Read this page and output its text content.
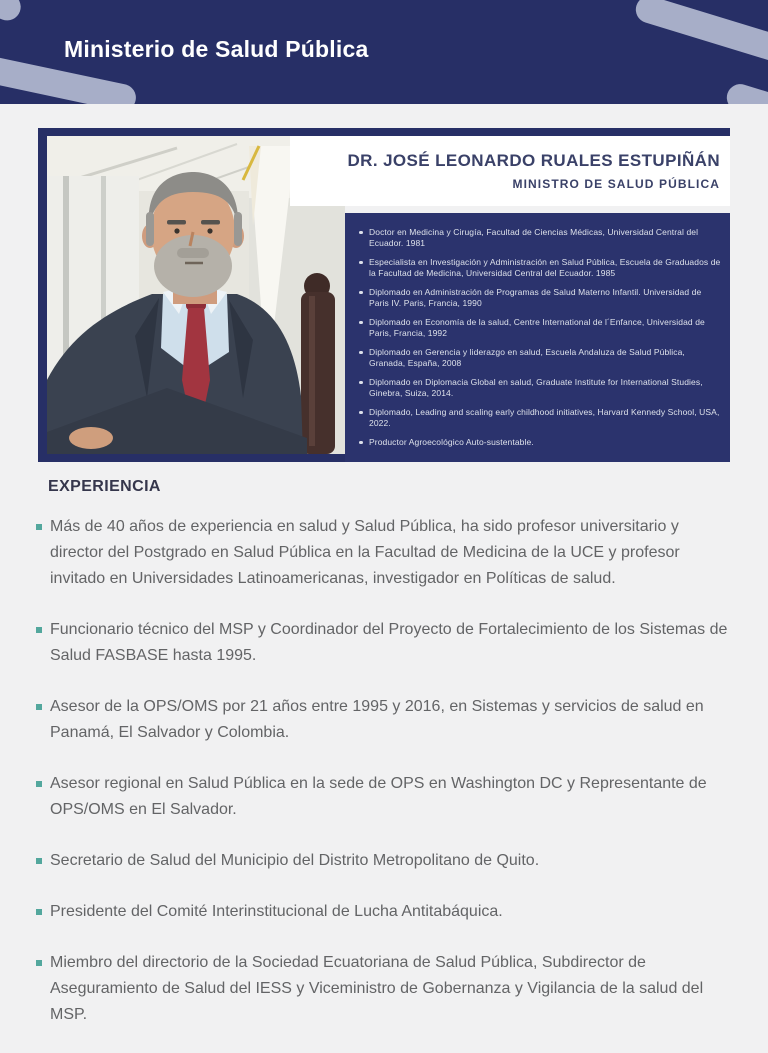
Ministerio de Salud Pública
DR. JOSÉ LEONARDO RUALES ESTUPIÑÁN
MINISTRO DE SALUD PÚBLICA
Doctor en Medicina y Cirugía, Facultad de Ciencias Médicas, Universidad Central del Ecuador. 1981
Especialista en Investigación y Administración en Salud Pública, Escuela de Graduados de la Facultad de Medicina, Universidad Central del Ecuador. 1985
Diplomado en Administración de Programas de Salud Materno Infantil. Universidad de Paris IV. Paris, Francia, 1990
Diplomado en Economía de la salud, Centre International de l´Enfance, Universidad de Paris, Francia, 1992
Diplomado en Gerencia y liderazgo en salud, Escuela Andaluza de Salud Pública, Granada, España, 2008
Diplomado en Diplomacia Global en salud, Graduate Institute for International Studies, Ginebra, Suiza, 2014.
Diplomado, Leading and scaling early childhood initiatives, Harvard Kennedy School, USA, 2022.
Productor Agroecológico Auto-sustentable.
EXPERIENCIA
Más de 40 años de experiencia en salud y Salud Pública, ha sido profesor universitario y director del Postgrado en Salud Pública en la Facultad de Medicina de la UCE y profesor invitado en Universidades Latinoamericanas, investigador en Políticas de salud.
Funcionario técnico del MSP y Coordinador del Proyecto de Fortalecimiento de los Sistemas de Salud FASBASE hasta 1995.
Asesor de la OPS/OMS por 21 años entre 1995 y 2016, en Sistemas y servicios de salud en Panamá, El Salvador y Colombia.
Asesor regional en Salud Pública en la sede de OPS en Washington DC y Representante de OPS/OMS en El Salvador.
Secretario de Salud del Municipio del Distrito Metropolitano de Quito.
Presidente del Comité Interinstitucional de Lucha Antitabáquica.
Miembro del directorio de la Sociedad Ecuatoriana de Salud Pública, Subdirector de Aseguramiento de Salud del IESS y Viceministro de Gobernanza y Vigilancia de la salud del MSP.
